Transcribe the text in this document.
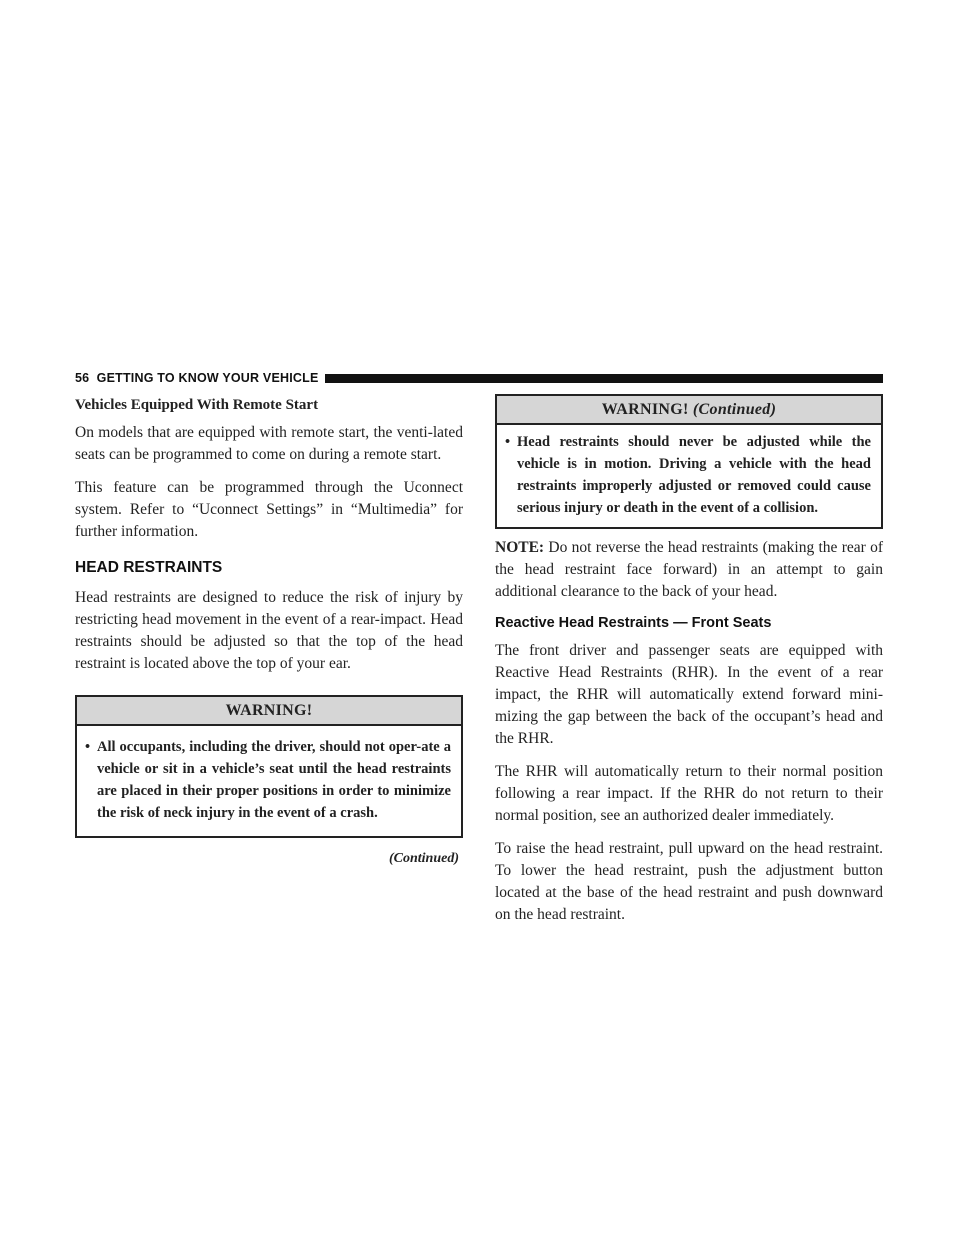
56 GETTING TO KNOW YOUR VEHICLE

Vehicles Equipped With Remote Start

On models that are equipped with remote start, the venti-lated seats can be programmed to come on during a remote start.

This feature can be programmed through the Uconnect system. Refer to “Uconnect Settings” in “Multimedia” for further information.

HEAD RESTRAINTS

Head restraints are designed to reduce the risk of injury by restricting head movement in the event of a rear-impact. Head restraints should be adjusted so that the top of the head restraint is located above the top of your ear.

WARNING!
• All occupants, including the driver, should not oper-ate a vehicle or sit in a vehicle’s seat until the head restraints are placed in their proper positions in order to minimize the risk of neck injury in the event of a crash.
(Continued)
WARNING! (Continued)
• Head restraints should never be adjusted while the vehicle is in motion. Driving a vehicle with the head restraints improperly adjusted or removed could cause serious injury or death in the event of a collision.

NOTE: Do not reverse the head restraints (making the rear of the head restraint face forward) in an attempt to gain additional clearance to the back of your head.

Reactive Head Restraints — Front Seats

The front driver and passenger seats are equipped with Reactive Head Restraints (RHR). In the event of a rear impact, the RHR will automatically extend forward mini-mizing the gap between the back of the occupant’s head and the RHR.

The RHR will automatically return to their normal position following a rear impact. If the RHR do not return to their normal position, see an authorized dealer immediately.

To raise the head restraint, pull upward on the head restraint. To lower the head restraint, push the adjustment button located at the base of the head restraint and push downward on the head restraint.
